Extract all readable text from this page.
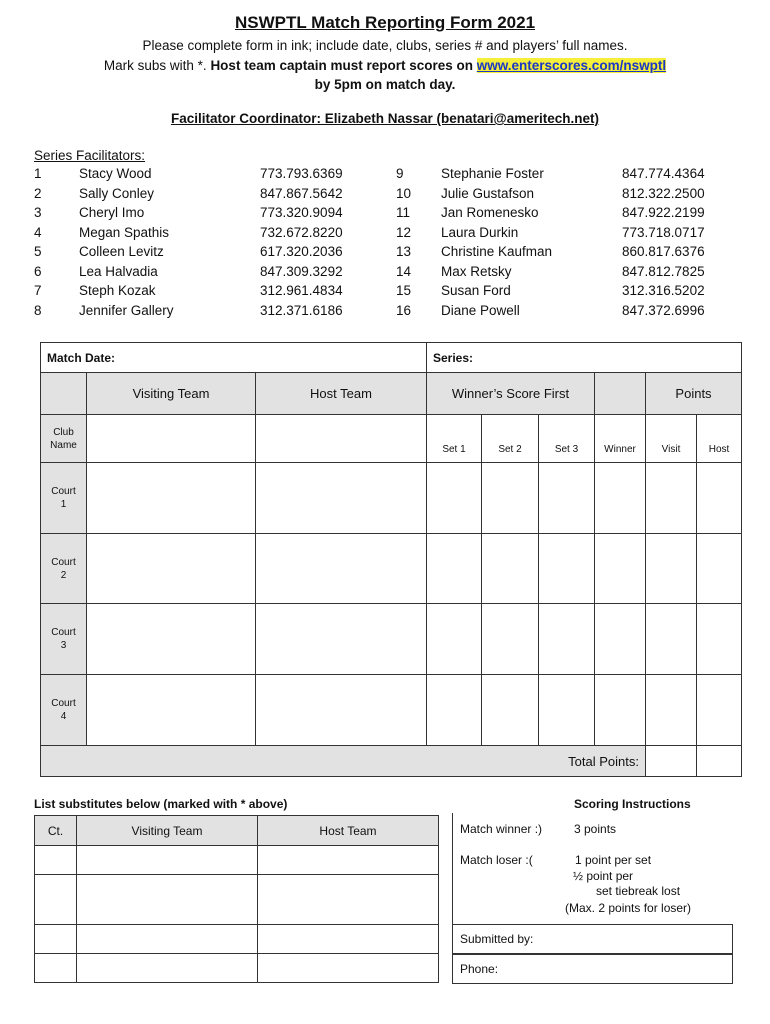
NSWPTL Match Reporting Form 2021
Please complete form in ink; include date, clubs, series # and players’ full names.
Mark subs with *. Host team captain must report scores on www.enterscores.com/nswptl
by 5pm on match day.
Facilitator Coordinator: Elizabeth Nassar (benatari@ameritech.net)
Series Facilitators:
1	Stacy Wood	773.793.6369	9	Stephanie Foster	847.774.4364
2	Sally Conley	847.867.5642	10 Julie Gustafson	812.322.2500
3	Cheryl Imo	773.320.9094	11 Jan Romenesko	847.922.2199
4	Megan Spathis	732.672.8220	12 Laura Durkin	773.718.0717
5	Colleen Levitz	617.320.2036	13 Christine Kaufman	860.817.6376
6	Lea Halvadia	847.309.3292	14 Max Retsky	847.812.7825
7	Steph Kozak	312.961.4834	15 Susan Ford	312.316.5202
8	Jennifer Gallery	312.371.6186	16 Diane Powell	847.372.6996
Match Date:			Series:					
	Visiting Team	Host Team	Winner’s Score First				Points	
Club
Name			Set 1	Set 2	Set 3	Winner	Visit	Host
Court
1								
Court
2								
Court
3								
Court
4								
Total Points:								
List substitutes below (marked with * above)
Ct.	Visiting Team	Host Team

Scoring Instructions
Match winner :)	3 points
Match loser :(	1 point per set
½ point per
set tiebreak lost
(Max. 2 points for loser)
Submitted by:
Phone:
